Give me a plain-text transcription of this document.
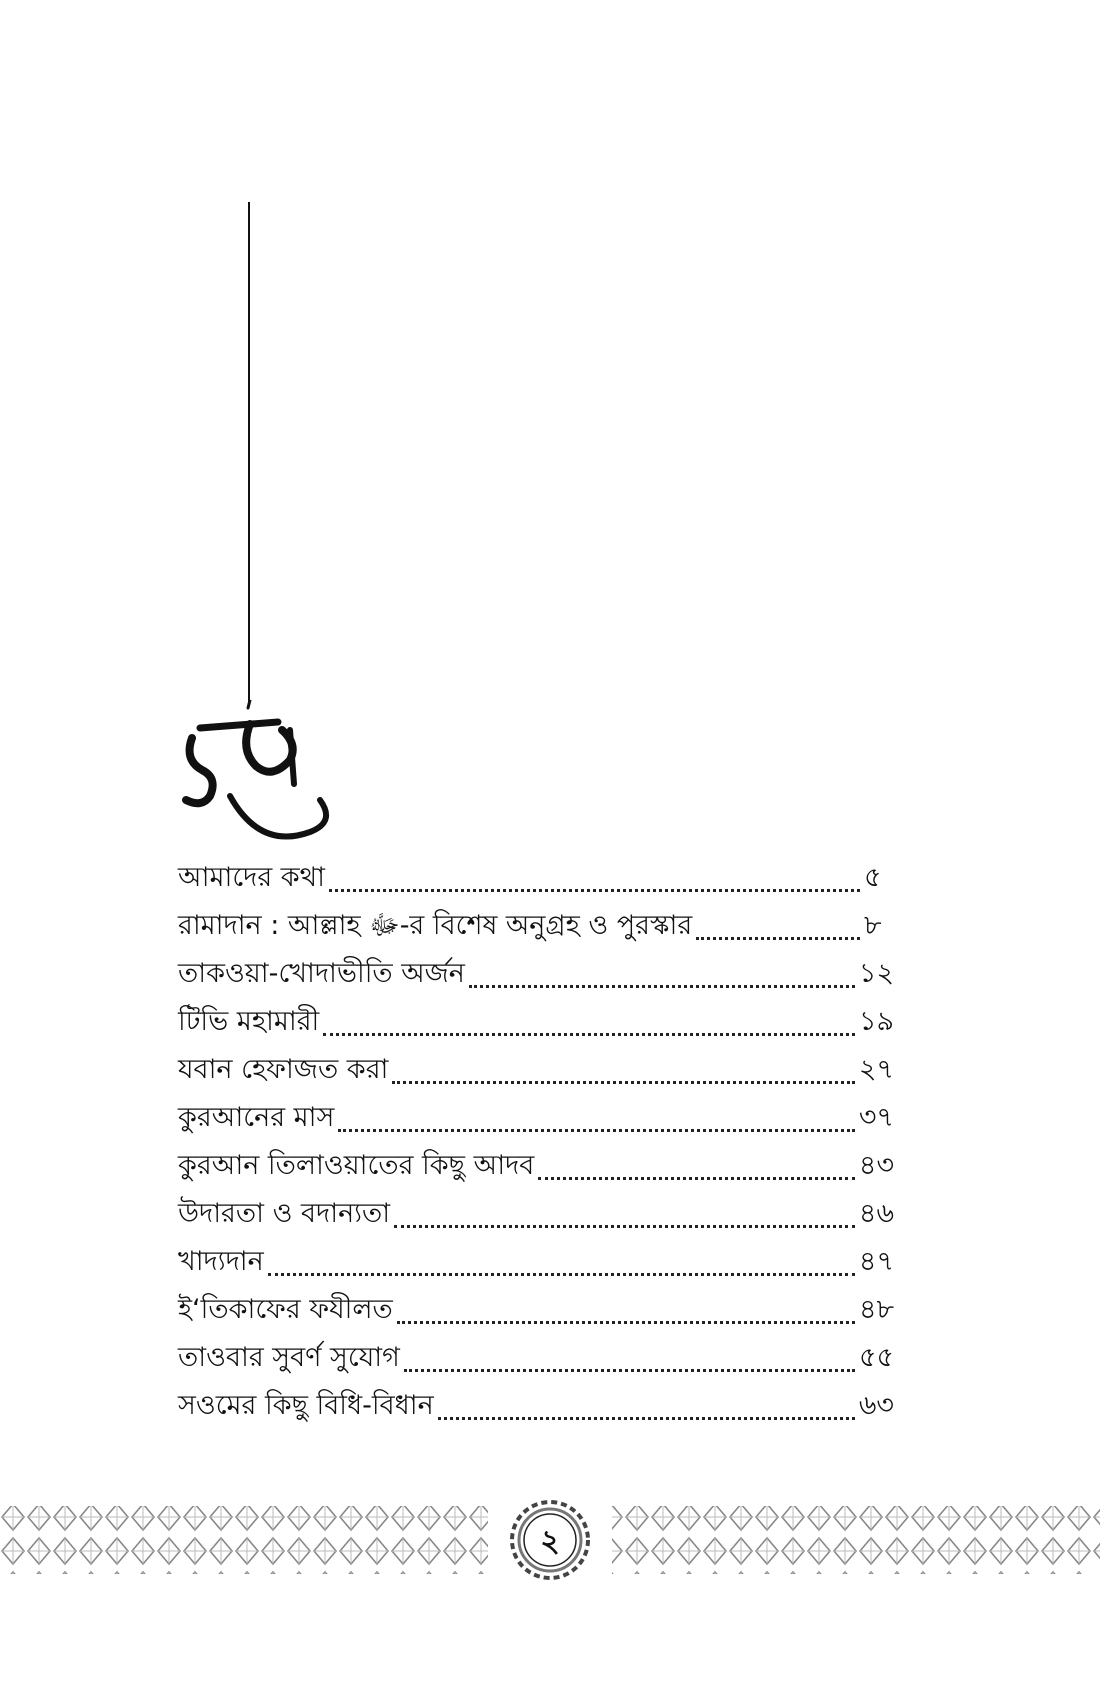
আমাদের কথা	৫
রামাদান : আল্লাহ ﷻ-র বিশেষ অনুগ্রহ ও পুরস্কার	৮
তাকওয়া-খোদাভীতি অর্জন	১২
টিভি মহামারী	১৯
যবান হেফাজত করা	২৭
কুরআনের মাস	৩৭
কুরআন তিলাওয়াতের কিছু আদব	৪৩
উদারতা ও বদান্যতা	৪৬
খাদ্যদান	৪৭
ই‘তিকাফের ফযীলত	৪৮
তাওবার সুবর্ণ সুযোগ	৫৫
সওমের কিছু বিধি-বিধান	৬৩
২
